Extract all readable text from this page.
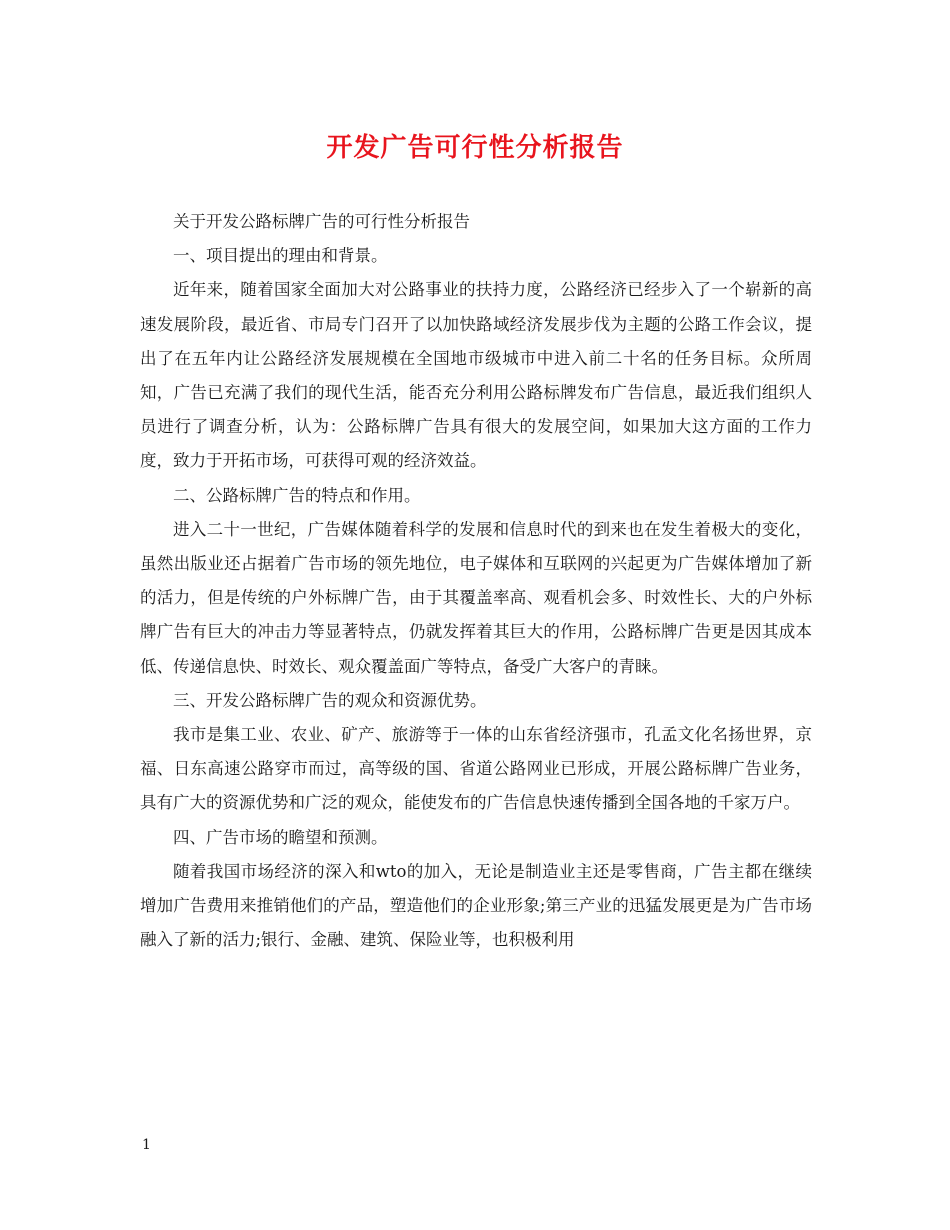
开发广告可行性分析报告

关于开发公路标牌广告的可行性分析报告

一、项目提出的理由和背景。

近年来，随着国家全面加大对公路事业的扶持力度，公路经济已经步入了一个崭新的高速发展阶段，最近省、市局专门召开了以加快路域经济发展步伐为主题的公路工作会议，提出了在五年内让公路经济发展规模在全国地市级城市中进入前二十名的任务目标。众所周知，广告已充满了我们的现代生活，能否充分利用公路标牌发布广告信息，最近我们组织人员进行了调查分析，认为：公路标牌广告具有很大的发展空间，如果加大这方面的工作力度，致力于开拓市场，可获得可观的经济效益。

二、公路标牌广告的特点和作用。

进入二十一世纪，广告媒体随着科学的发展和信息时代的到来也在发生着极大的变化，虽然出版业还占据着广告市场的领先地位，电子媒体和互联网的兴起更为广告媒体增加了新的活力，但是传统的户外标牌广告，由于其覆盖率高、观看机会多、时效性长、大的户外标牌广告有巨大的冲击力等显著特点，仍就发挥着其巨大的作用，公路标牌广告更是因其成本低、传递信息快、时效长、观众覆盖面广等特点，备受广大客户的青睐。

三、开发公路标牌广告的观众和资源优势。

我市是集工业、农业、矿产、旅游等于一体的山东省经济强市，孔孟文化名扬世界，京福、日东高速公路穿市而过，高等级的国、省道公路网业已形成，开展公路标牌广告业务，具有广大的资源优势和广泛的观众，能使发布的广告信息快速传播到全国各地的千家万户。

四、广告市场的瞻望和预测。

随着我国市场经济的深入和wto的加入，无论是制造业主还是零售商，广告主都在继续增加广告费用来推销他们的产品，塑造他们的企业形象;第三产业的迅猛发展更是为广告市场融入了新的活力;银行、金融、建筑、保险业等，也积极利用

1
